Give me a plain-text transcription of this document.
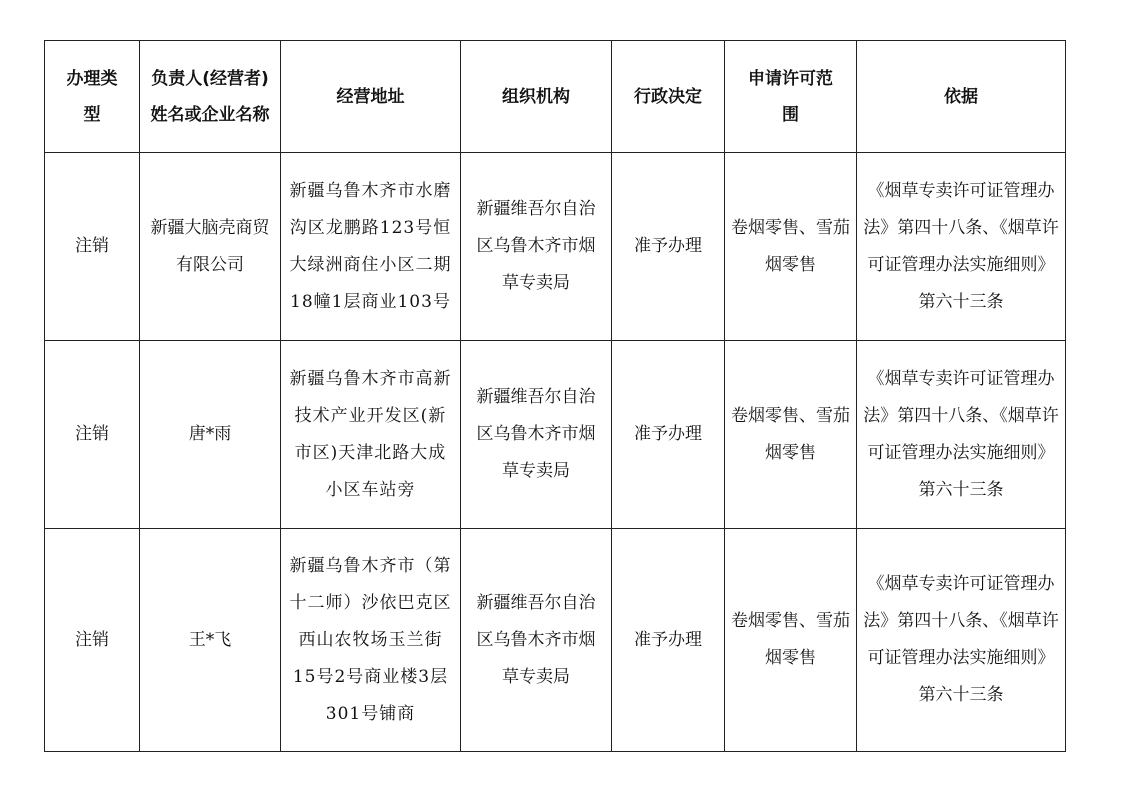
办理类型	负责人(经营者)姓名或企业名称	经营地址	组织机构	行政决定	申请许可范围	依据
注销	新疆大脑壳商贸有限公司	新疆乌鲁木齐市水磨沟区龙鹏路123号恒大绿洲商住小区二期18幢1层商业103号	新疆维吾尔自治区乌鲁木齐市烟草专卖局	准予办理	卷烟零售、雪茄烟零售	《烟草专卖许可证管理办法》第四十八条、《烟草许可证管理办法实施细则》第六十三条
注销	唐*雨	新疆乌鲁木齐市高新技术产业开发区(新市区)天津北路大成小区车站旁	新疆维吾尔自治区乌鲁木齐市烟草专卖局	准予办理	卷烟零售、雪茄烟零售	《烟草专卖许可证管理办法》第四十八条、《烟草许可证管理办法实施细则》第六十三条
注销	王*飞	新疆乌鲁木齐市（第十二师）沙依巴克区西山农牧场玉兰街15号2号商业楼3层301号铺商	新疆维吾尔自治区乌鲁木齐市烟草专卖局	准予办理	卷烟零售、雪茄烟零售	《烟草专卖许可证管理办法》第四十八条、《烟草许可证管理办法实施细则》第六十三条
